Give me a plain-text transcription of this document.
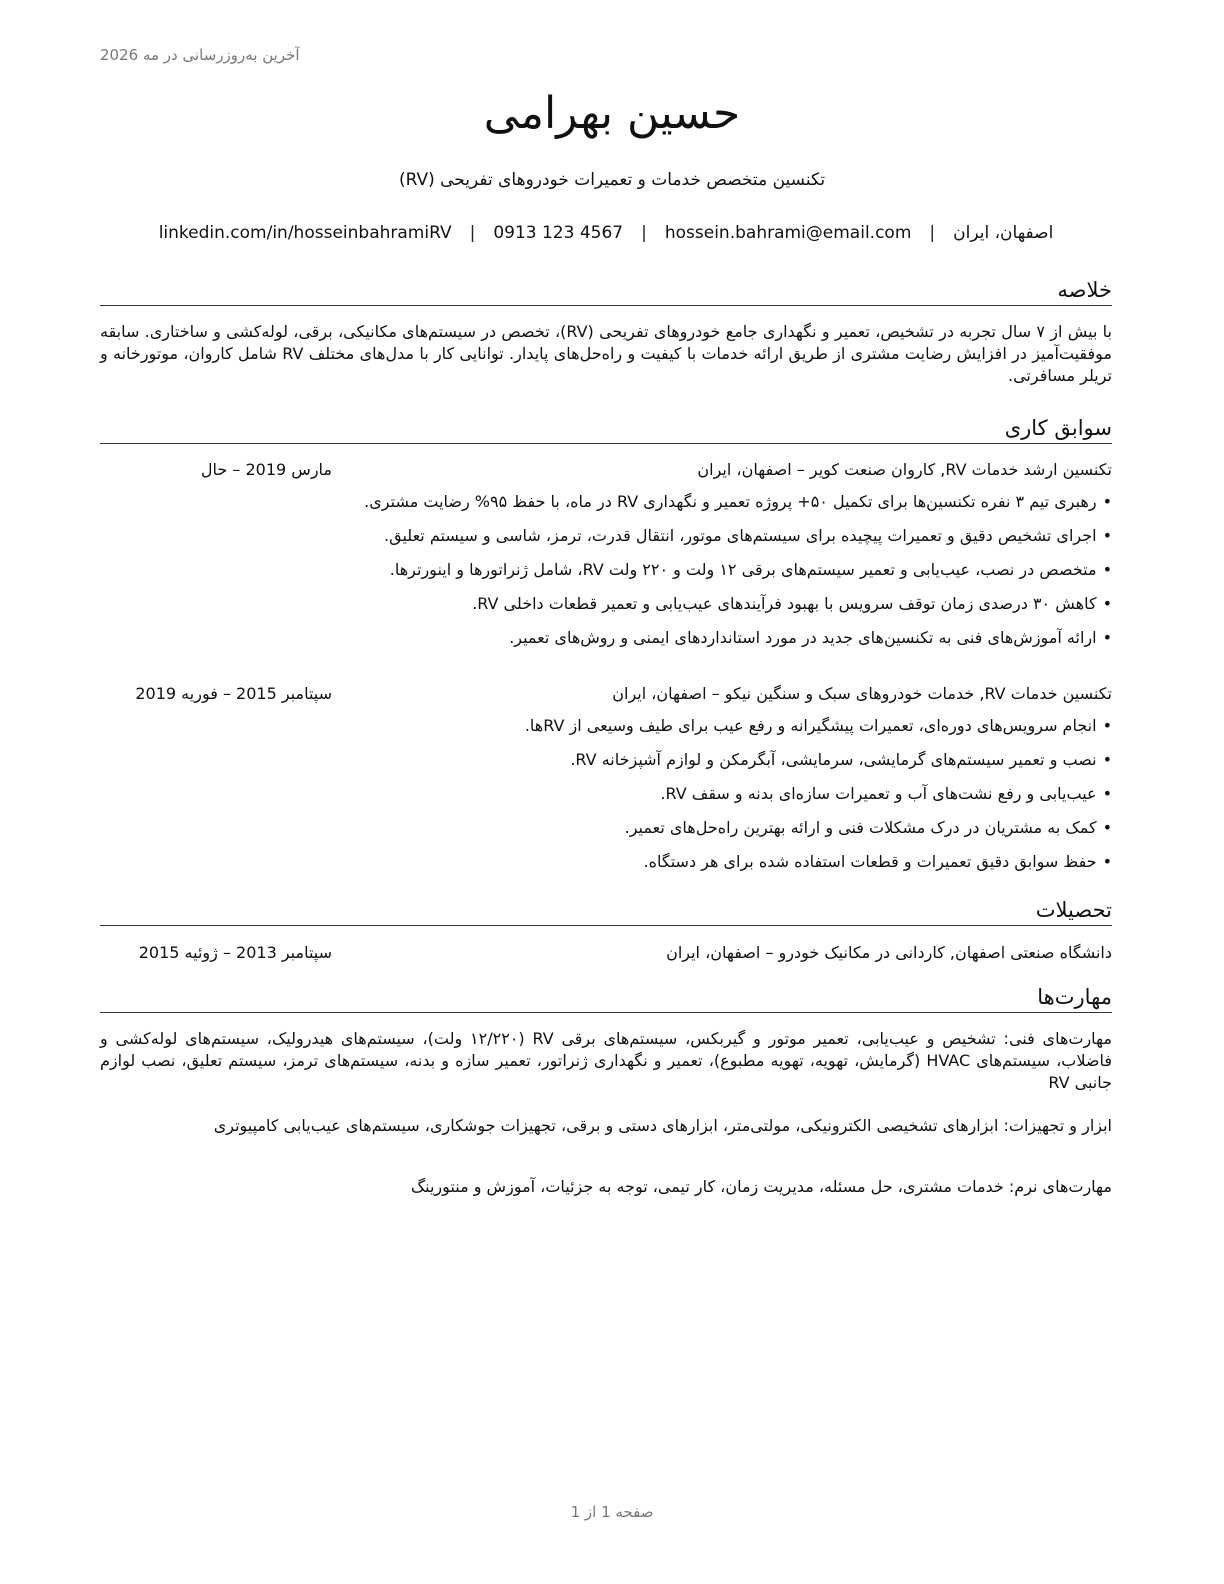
آخرین به‌روزرسانی در مه 2026
حسین بهرامی
تکنسین متخصص خدمات و تعمیرات خودروهای تفریحی (RV)
اصفهان، ایران
|
hossein.bahrami@email.com
|
0913 123 4567
|
linkedin.com/in/hosseinbahramiRV
خلاصه

با بیش از ۷ سال تجربه در تشخیص، تعمیر و نگهداری جامع خودروهای تفریحی (RV)، تخصص در سیستم‌های مکانیکی، برقی، لوله‌کشی و ساختاری. سابقه موفقیت‌آمیز در افزایش رضایت مشتری از طریق ارائه خدمات با کیفیت و راه‌حل‌های پایدار. توانایی کار با مدل‌های مختلف RV شامل کاروان، موتورخانه و تریلر مسافرتی.

سوابق کاری
تکنسین ارشد خدمات RV, کاروان صنعت کویر – اصفهان، ایران
مارس 2019 – حال
• رهبری تیم ۳ نفره تکنسین‌ها برای تکمیل ۵۰+ پروژه تعمیر و نگهداری RV در ماه، با حفظ ۹۵% رضایت مشتری.
• اجرای تشخیص دقیق و تعمیرات پیچیده برای سیستم‌های موتور، انتقال قدرت، ترمز، شاسی و سیستم تعلیق.
• متخصص در نصب، عیب‌یابی و تعمیر سیستم‌های برقی ۱۲ ولت و ۲۲۰ ولت RV، شامل ژنراتورها و اینورترها.
• کاهش ۳۰ درصدی زمان توقف سرویس با بهبود فرآیندهای عیب‌یابی و تعمیر قطعات داخلی RV.
• ارائه آموزش‌های فنی به تکنسین‌های جدید در مورد استانداردهای ایمنی و روش‌های تعمیر.
تکنسین خدمات RV, خدمات خودروهای سبک و سنگین نیکو – اصفهان، ایران
سپتامبر 2015 – فوریه 2019
• انجام سرویس‌های دوره‌ای، تعمیرات پیشگیرانه و رفع عیب برای طیف وسیعی از RVها.
• نصب و تعمیر سیستم‌های گرمایشی، سرمایشی، آبگرمکن و لوازم آشپزخانه RV.
• عیب‌یابی و رفع نشت‌های آب و تعمیرات سازه‌ای بدنه و سقف RV.
• کمک به مشتریان در درک مشکلات فنی و ارائه بهترین راه‌حل‌های تعمیر.
• حفظ سوابق دقیق تعمیرات و قطعات استفاده شده برای هر دستگاه.
تحصیلات
دانشگاه صنعتی اصفهان, کاردانی در مکانیک خودرو – اصفهان، ایران
سپتامبر 2013 – ژوئیه 2015
مهارت‌ها

مهارت‌های فنی: تشخیص و عیب‌یابی، تعمیر موتور و گیربکس، سیستم‌های برقی RV (۱۲/۲۲۰ ولت)، سیستم‌های هیدرولیک، سیستم‌های لوله‌کشی و فاضلاب، سیستم‌های HVAC (گرمایش، تهویه، تهویه مطبوع)، تعمیر و نگهداری ژنراتور، تعمیر سازه و بدنه، سیستم‌های ترمز، سیستم تعلیق، نصب لوازم جانبی RV

ابزار و تجهیزات: ابزارهای تشخیصی الکترونیکی، مولتی‌متر، ابزارهای دستی و برقی، تجهیزات جوشکاری، سیستم‌های عیب‌یابی کامپیوتری

مهارت‌های نرم: خدمات مشتری، حل مسئله، مدیریت زمان، کار تیمی، توجه به جزئیات، آموزش و منتورینگ

صفحه 1 از 1
